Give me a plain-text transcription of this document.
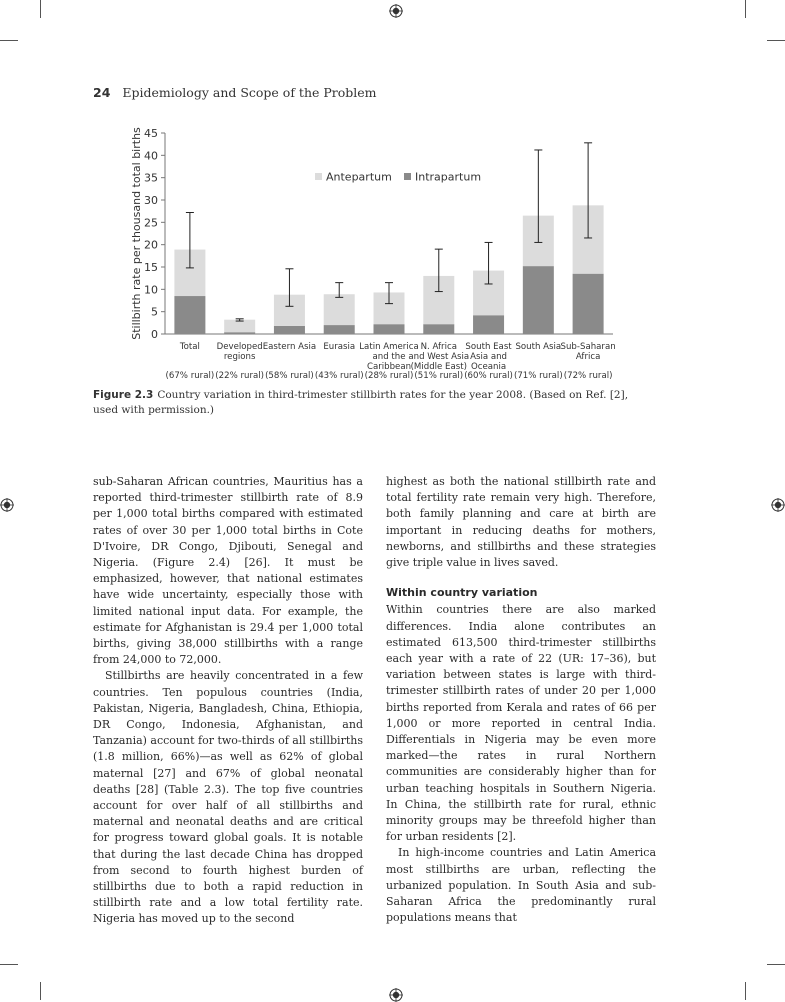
24 Epidemiology and Scope of the Problem
0
5
10
15
20
25
30
35
40
45
Stillbirth rate per thousand total births
Total
(67% rural)
Developed
regions
(22% rural)
Eastern Asia
(58% rural)
Eurasia
(43% rural)
Latin America
and the
Caribbean
(28% rural)
N. Africa
and West Asia
(Middle East)
(51% rural)
South East
Asia and
Oceania
(60% rural)
South Asia
(71% rural)
Sub-Saharan
Africa
(72% rural)
Antepartum Intrapartum
Figure 2.3 Country variation in third-trimester stillbirth rates for the year 2008. (Based on Ref. [2], used with permission.)

sub-Saharan African countries, Mauritius has a reported third-trimester stillbirth rate of 8.9 per 1,000 total births compared with estimated rates of over 30 per 1,000 total births in Cote D'Ivoire, DR Congo, Djibouti, Senegal and Nigeria. (Figure 2.4) [26]. It must be emphasized, however, that national estimates have wide uncertainty, especially those with limited national input data. For example, the estimate for Afghanistan is 29.4 per 1,000 total births, giving 38,000 stillbirths with a range from 24,000 to 72,000.

Stillbirths are heavily concentrated in a few countries. Ten populous countries (India, Pakistan, Nigeria, Bangladesh, China, Ethiopia, DR Congo, Indonesia, Afghanistan, and Tanzania) account for two-thirds of all stillbirths (1.8 million, 66%)—as well as 62% of global maternal [27] and 67% of global neonatal deaths [28] (Table 2.3). The top five countries account for over half of all stillbirths and maternal and neonatal deaths and are critical for progress toward global goals. It is notable that during the last decade China has dropped from second to fourth highest burden of stillbirths due to both a rapid reduction in stillbirth rate and a low total fertility rate. Nigeria has moved up to the second

highest as both the national stillbirth rate and total fertility rate remain very high. Therefore, both family planning and care at birth are important in reducing deaths for mothers, newborns, and stillbirths and these strategies give triple value in lives saved.

Within country variation

Within countries there are also marked differences. India alone contributes an estimated 613,500 third-trimester stillbirths each year with a rate of 22 (UR: 17–36), but variation between states is large with third-trimester stillbirth rates of under 20 per 1,000 births reported from Kerala and rates of 66 per 1,000 or more reported in central India. Differentials in Nigeria may be even more marked—the rates in rural Northern communities are considerably higher than for urban teaching hospitals in Southern Nigeria. In China, the stillbirth rate for rural, ethnic minority groups may be threefold higher than for urban residents [2].

In high-income countries and Latin America most stillbirths are urban, reflecting the urbanized population. In South Asia and sub-Saharan Africa the predominantly rural populations means that
